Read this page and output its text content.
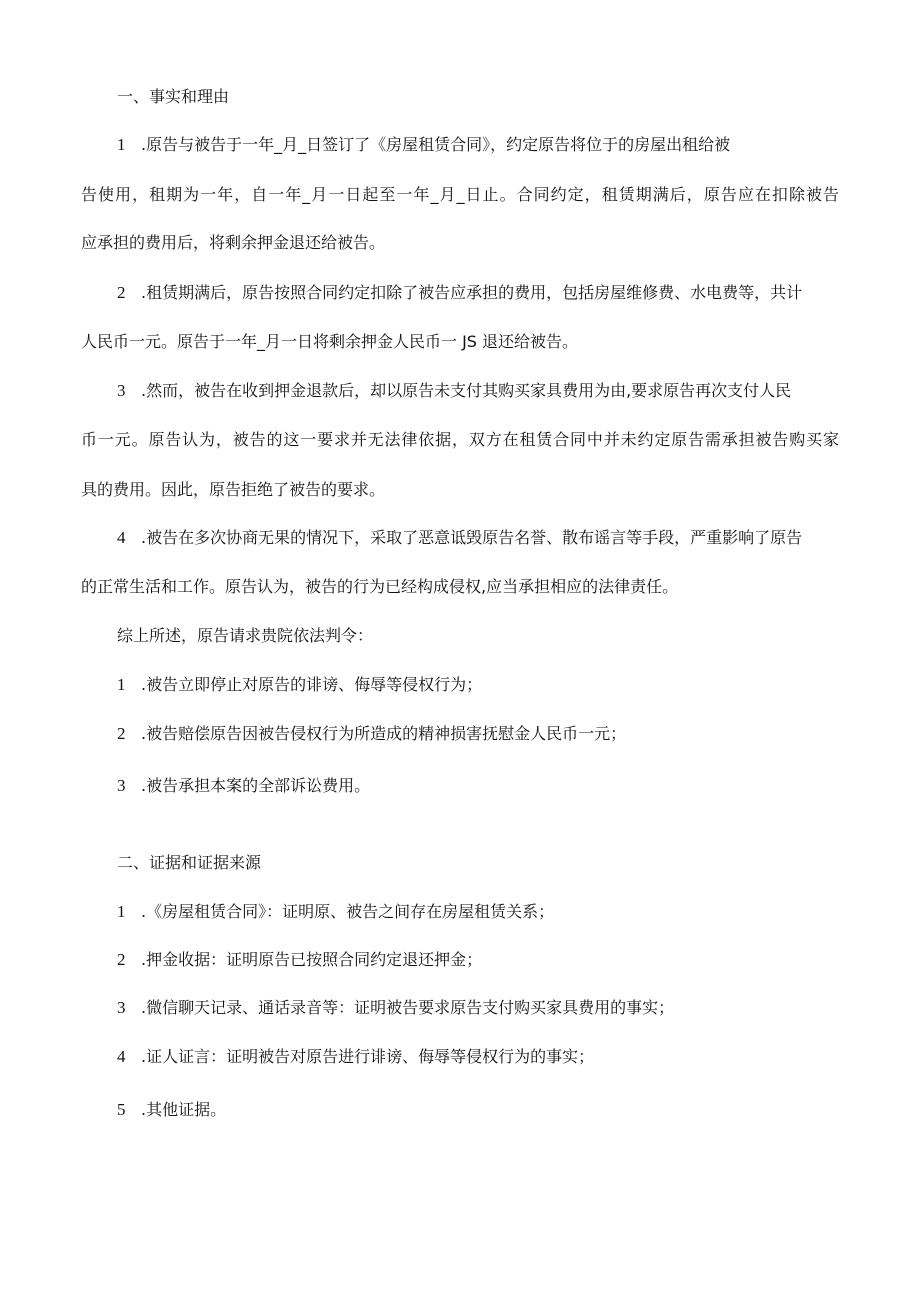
一、事实和理由
1 .原告与被告于一年_月_日签订了《房屋租赁合同》，约定原告将位于的房屋出租给被
告使用，租期为一年，自一年_月一日起至一年_月_日止。合同约定，租赁期满后，原告应在扣除被告
应承担的费用后，将剩余押金退还给被告。
2 .租赁期满后，原告按照合同约定扣除了被告应承担的费用，包括房屋维修费、水电费等，共计
人民币一元。原告于一年_月一日将剩余押金人民币一 JS 退还给被告。
3 .然而，被告在收到押金退款后，却以原告未支付其购买家具费用为由,要求原告再次支付人民
币一元。原告认为，被告的这一要求并无法律依据，双方在租赁合同中并未约定原告需承担被告购买家
具的费用。因此，原告拒绝了被告的要求。
4 .被告在多次协商无果的情况下，采取了恶意诋毁原告名誉、散布谣言等手段，严重影响了原告
的正常生活和工作。原告认为，被告的行为已经构成侵权,应当承担相应的法律责任。
综上所述，原告请求贵院依法判令：
1 .被告立即停止对原告的诽谤、侮辱等侵权行为；
2 .被告赔偿原告因被告侵权行为所造成的精神损害抚慰金人民币一元；
3 .被告承担本案的全部诉讼费用。
二、证据和证据来源
1 .《房屋租赁合同》：证明原、被告之间存在房屋租赁关系；
2 .押金收据：证明原告已按照合同约定退还押金；
3 .微信聊天记录、通话录音等：证明被告要求原告支付购买家具费用的事实；
4 .证人证言：证明被告对原告进行诽谤、侮辱等侵权行为的事实；
5 .其他证据。
